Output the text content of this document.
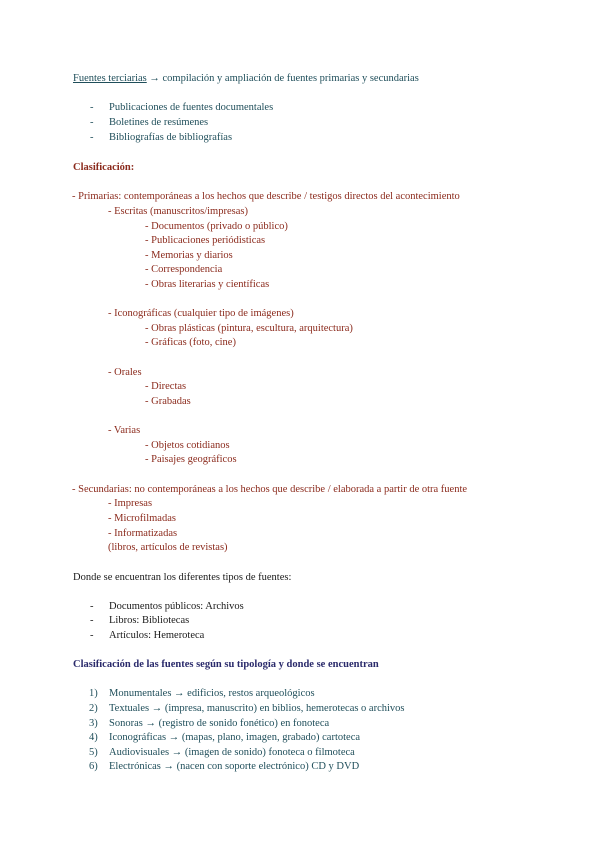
Fuentes terciarias → compilación y ampliación de fuentes primarias y secundarias
- Publicaciones de fuentes documentales
- Boletines de resúmenes
- Bibliografías de bibliografías
Clasificación:
- Primarias: contemporáneas a los hechos que describe / testigos directos del acontecimiento
- Escritas (manuscritos/impresas)
- Documentos (privado o público)
- Publicaciones periódisticas
- Memorias y diarios
- Correspondencia
- Obras literarias y científicas
- Iconográficas (cualquier tipo de imágenes)
- Obras plásticas (pintura, escultura, arquitectura)
- Gráficas (foto, cine)
- Orales
- Directas
- Grabadas
- Varias
- Objetos cotidianos
- Paisajes geográficos
- Secundarias: no contemporáneas a los hechos que describe / elaborada a partir de otra fuente
- Impresas
- Microfilmadas
- Informatizadas
(libros, artículos de revistas)
Donde se encuentran los diferentes tipos de fuentes:
- Documentos públicos: Archivos
- Libros: Bibliotecas
- Artículos: Hemeroteca
Clasificación de las fuentes según su tipología y donde se encuentran
1) Monumentales → edificios, restos arqueológicos
2) Textuales → (impresa, manuscrito) en biblios, hemerotecas o archivos
3) Sonoras → (registro de sonido fonético) en fonoteca
4) Iconográficas → (mapas, plano, imagen, grabado) cartoteca
5) Audiovisuales → (imagen de sonido) fonoteca o filmoteca
6) Electrónicas → (nacen con soporte electrónico) CD y DVD
